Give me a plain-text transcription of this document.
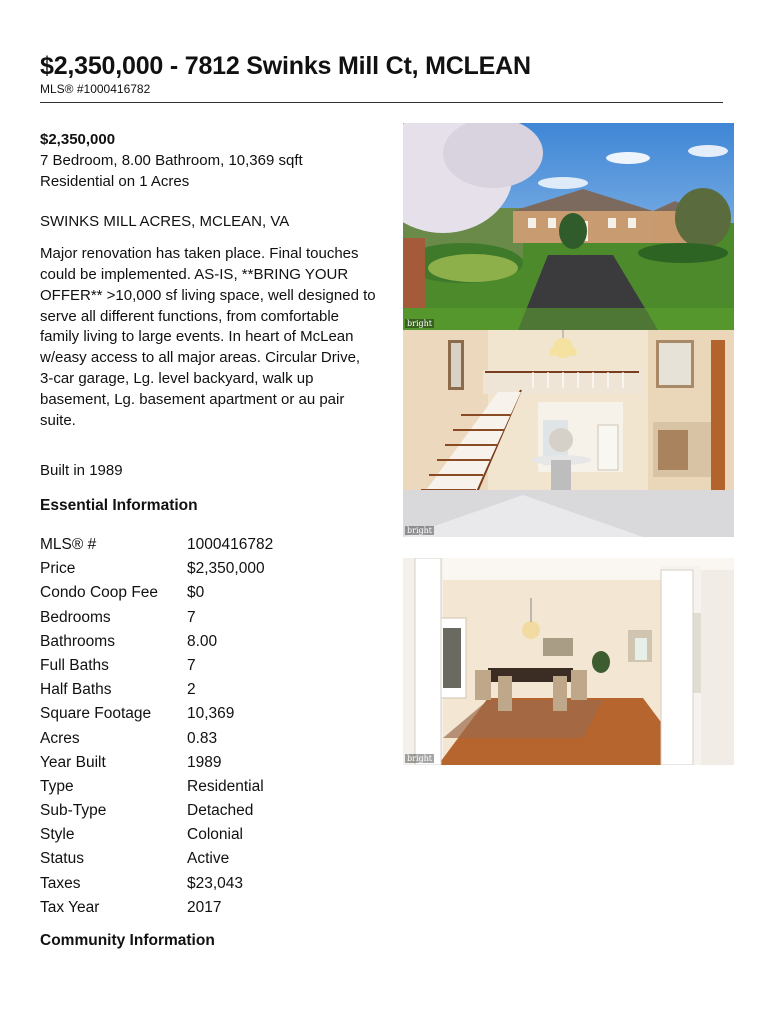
$2,350,000 - 7812 Swinks Mill Ct, MCLEAN
MLS® #1000416782
$2,350,000
7 Bedroom, 8.00 Bathroom, 10,369 sqft
Residential on 1 Acres
SWINKS MILL ACRES, MCLEAN, VA
Major renovation has taken place. Final touches could be implemented. AS-IS, **BRING YOUR OFFER** >10,000 sf living space, well designed to serve all different functions, from comfortable family living to large events. In heart of McLean w/easy access to all major areas. Circular Drive, 3-car garage, Lg. level backyard, walk up basement, Lg. basement apartment or au pair suite.
Built in 1989
Essential Information
MLS® #	1000416782
Price	$2,350,000
Condo Coop Fee	$0
Bedrooms	7
Bathrooms	8.00
Full Baths	7
Half Baths	2
Square Footage	10,369
Acres	0.83
Year Built	1989
Type	Residential
Sub-Type	Detached
Style	Colonial
Status	Active
Taxes	$23,043
Tax Year	2017
Community Information
bright
bright
bright
